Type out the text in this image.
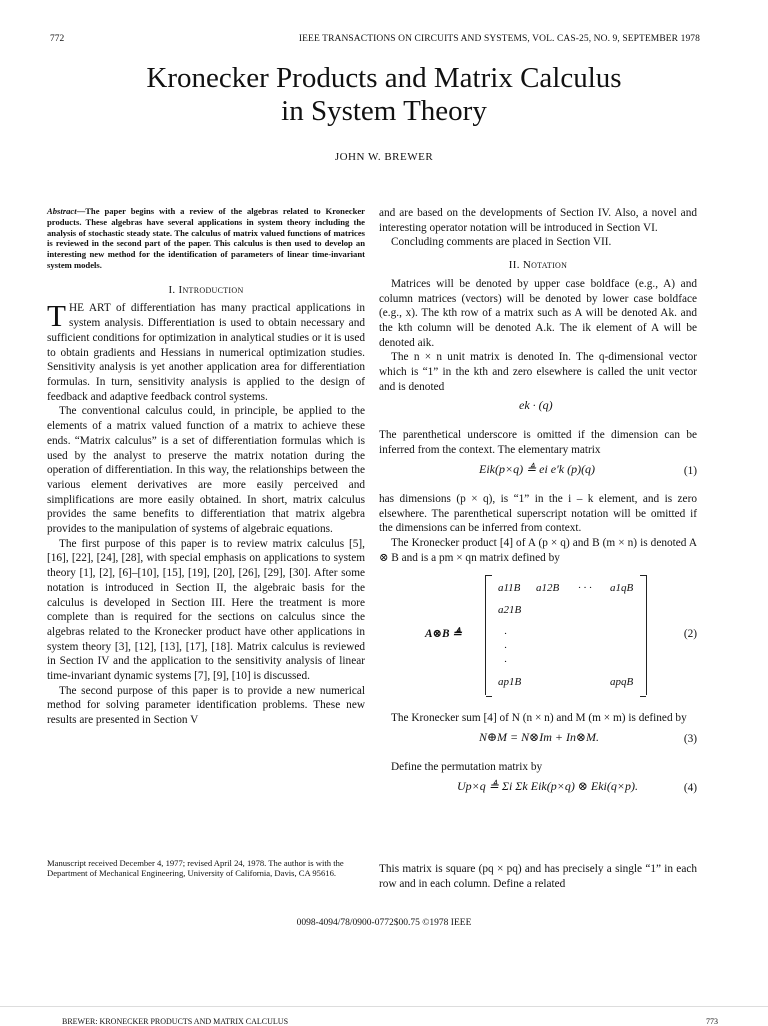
772	IEEE TRANSACTIONS ON CIRCUITS AND SYSTEMS, VOL. CAS-25, NO. 9, SEPTEMBER 1978
Kronecker Products and Matrix Calculus
in System Theory
JOHN W. BREWER
Abstract—The paper begins with a review of the algebras related to Kronecker products. These algebras have several applications in system theory including the analysis of stochastic steady state. The calculus of matrix valued functions of matrices is reviewed in the second part of the paper. This calculus is then used to develop an interesting new method for the identification of parameters of linear time-invariant system models.
I. Introduction

THE ART of differentiation has many practical applications in system analysis. Differentiation is used to obtain necessary and sufficient conditions for optimization in analytical studies or it is used to obtain gradients and Hessians in numerical optimization studies. Sensitivity analysis is yet another application area for differentiation formulas. In turn, sensitivity analysis is applied to the design of feedback and adaptive feedback control systems.

The conventional calculus could, in principle, be applied to the elements of a matrix valued function of a matrix to achieve these ends. “Matrix calculus” is a set of differentiation formulas which is used by the analyst to preserve the matrix notation during the operation of differentiation. In this way, the relationships between the various element derivatives are more easily perceived and simplifications are more easily obtained. In short, matrix calculus provides the same benefits to differentiation that matrix algebra provides to the manipulation of systems of algebraic equations.

The first purpose of this paper is to review matrix calculus [5], [16], [22], [24], [28], with special emphasis on applications to system theory [1], [2], [6]–[10], [15], [19], [20], [26], [29], [30]. After some notation is introduced in Section II, the algebraic basis for the calculus is developed in Section III. Here the treatment is more complete than is required for the sections on calculus since the algebras related to the Kronecker product have other applications in system theory [3], [12], [13], [17], [18]. Matrix calculus is reviewed in Section IV and the application to the sensitivity analysis of linear time-invariant dynamic systems [7], [9], [10] is discussed.

The second purpose of this paper is to provide a new numerical method for solving parameter identification problems. These new results are presented in Section V

and are based on the developments of Section IV. Also, a novel and interesting operator notation will be introduced in Section VI.

Concluding comments are placed in Section VII.

II. Notation

Matrices will be denoted by upper case boldface (e.g., A) and column matrices (vectors) will be denoted by lower case boldface (e.g., x). The kth row of a matrix such as A will be denoted Ak. and the kth column will be denoted A.k. The ik element of A will be denoted aik.

The n × n unit matrix is denoted In. The q-dimensional vector which is “1” in the kth and zero elsewhere is called the unit vector and is denoted

ek · (q)

The parenthetical underscore is omitted if the dimension can be inferred from the context. The elementary matrix

Eik(p×q) ≜ ei e′k (p)(q)	(1)

has dimensions (p × q), is “1” in the i – k element, and is zero elsewhere. The parenthetical superscript notation will be omitted if the dimensions can be inferred from context.

The Kronecker product [4] of A (p × q) and B (m × n) is denoted A ⊗ B and is a pm × qn matrix defined by

A⊗B ≜
a11B a12B · · · a1qB
a21B
·
·
·
ap1B	apqB
(2)

The Kronecker sum [4] of N (n × n) and M (m × m) is defined by

N⊕M = N⊗Im + In⊗M.	(3)

Define the permutation matrix by

Up×q ≜ Σi Σk Eik(p×q) ⊗ Eki(q×p).	(4)
Manuscript received December 4, 1977; revised April 24, 1978. The author is with the Department of Mechanical Engineering, University of California, Davis, CA 95616.	This matrix is square (pq × pq) and has precisely a single “1” in each row and in each column. Define a related
0098-4094/78/0900-0772$00.75 ©1978 IEEE
BREWER: KRONECKER PRODUCTS AND MATRIX CALCULUS	773
